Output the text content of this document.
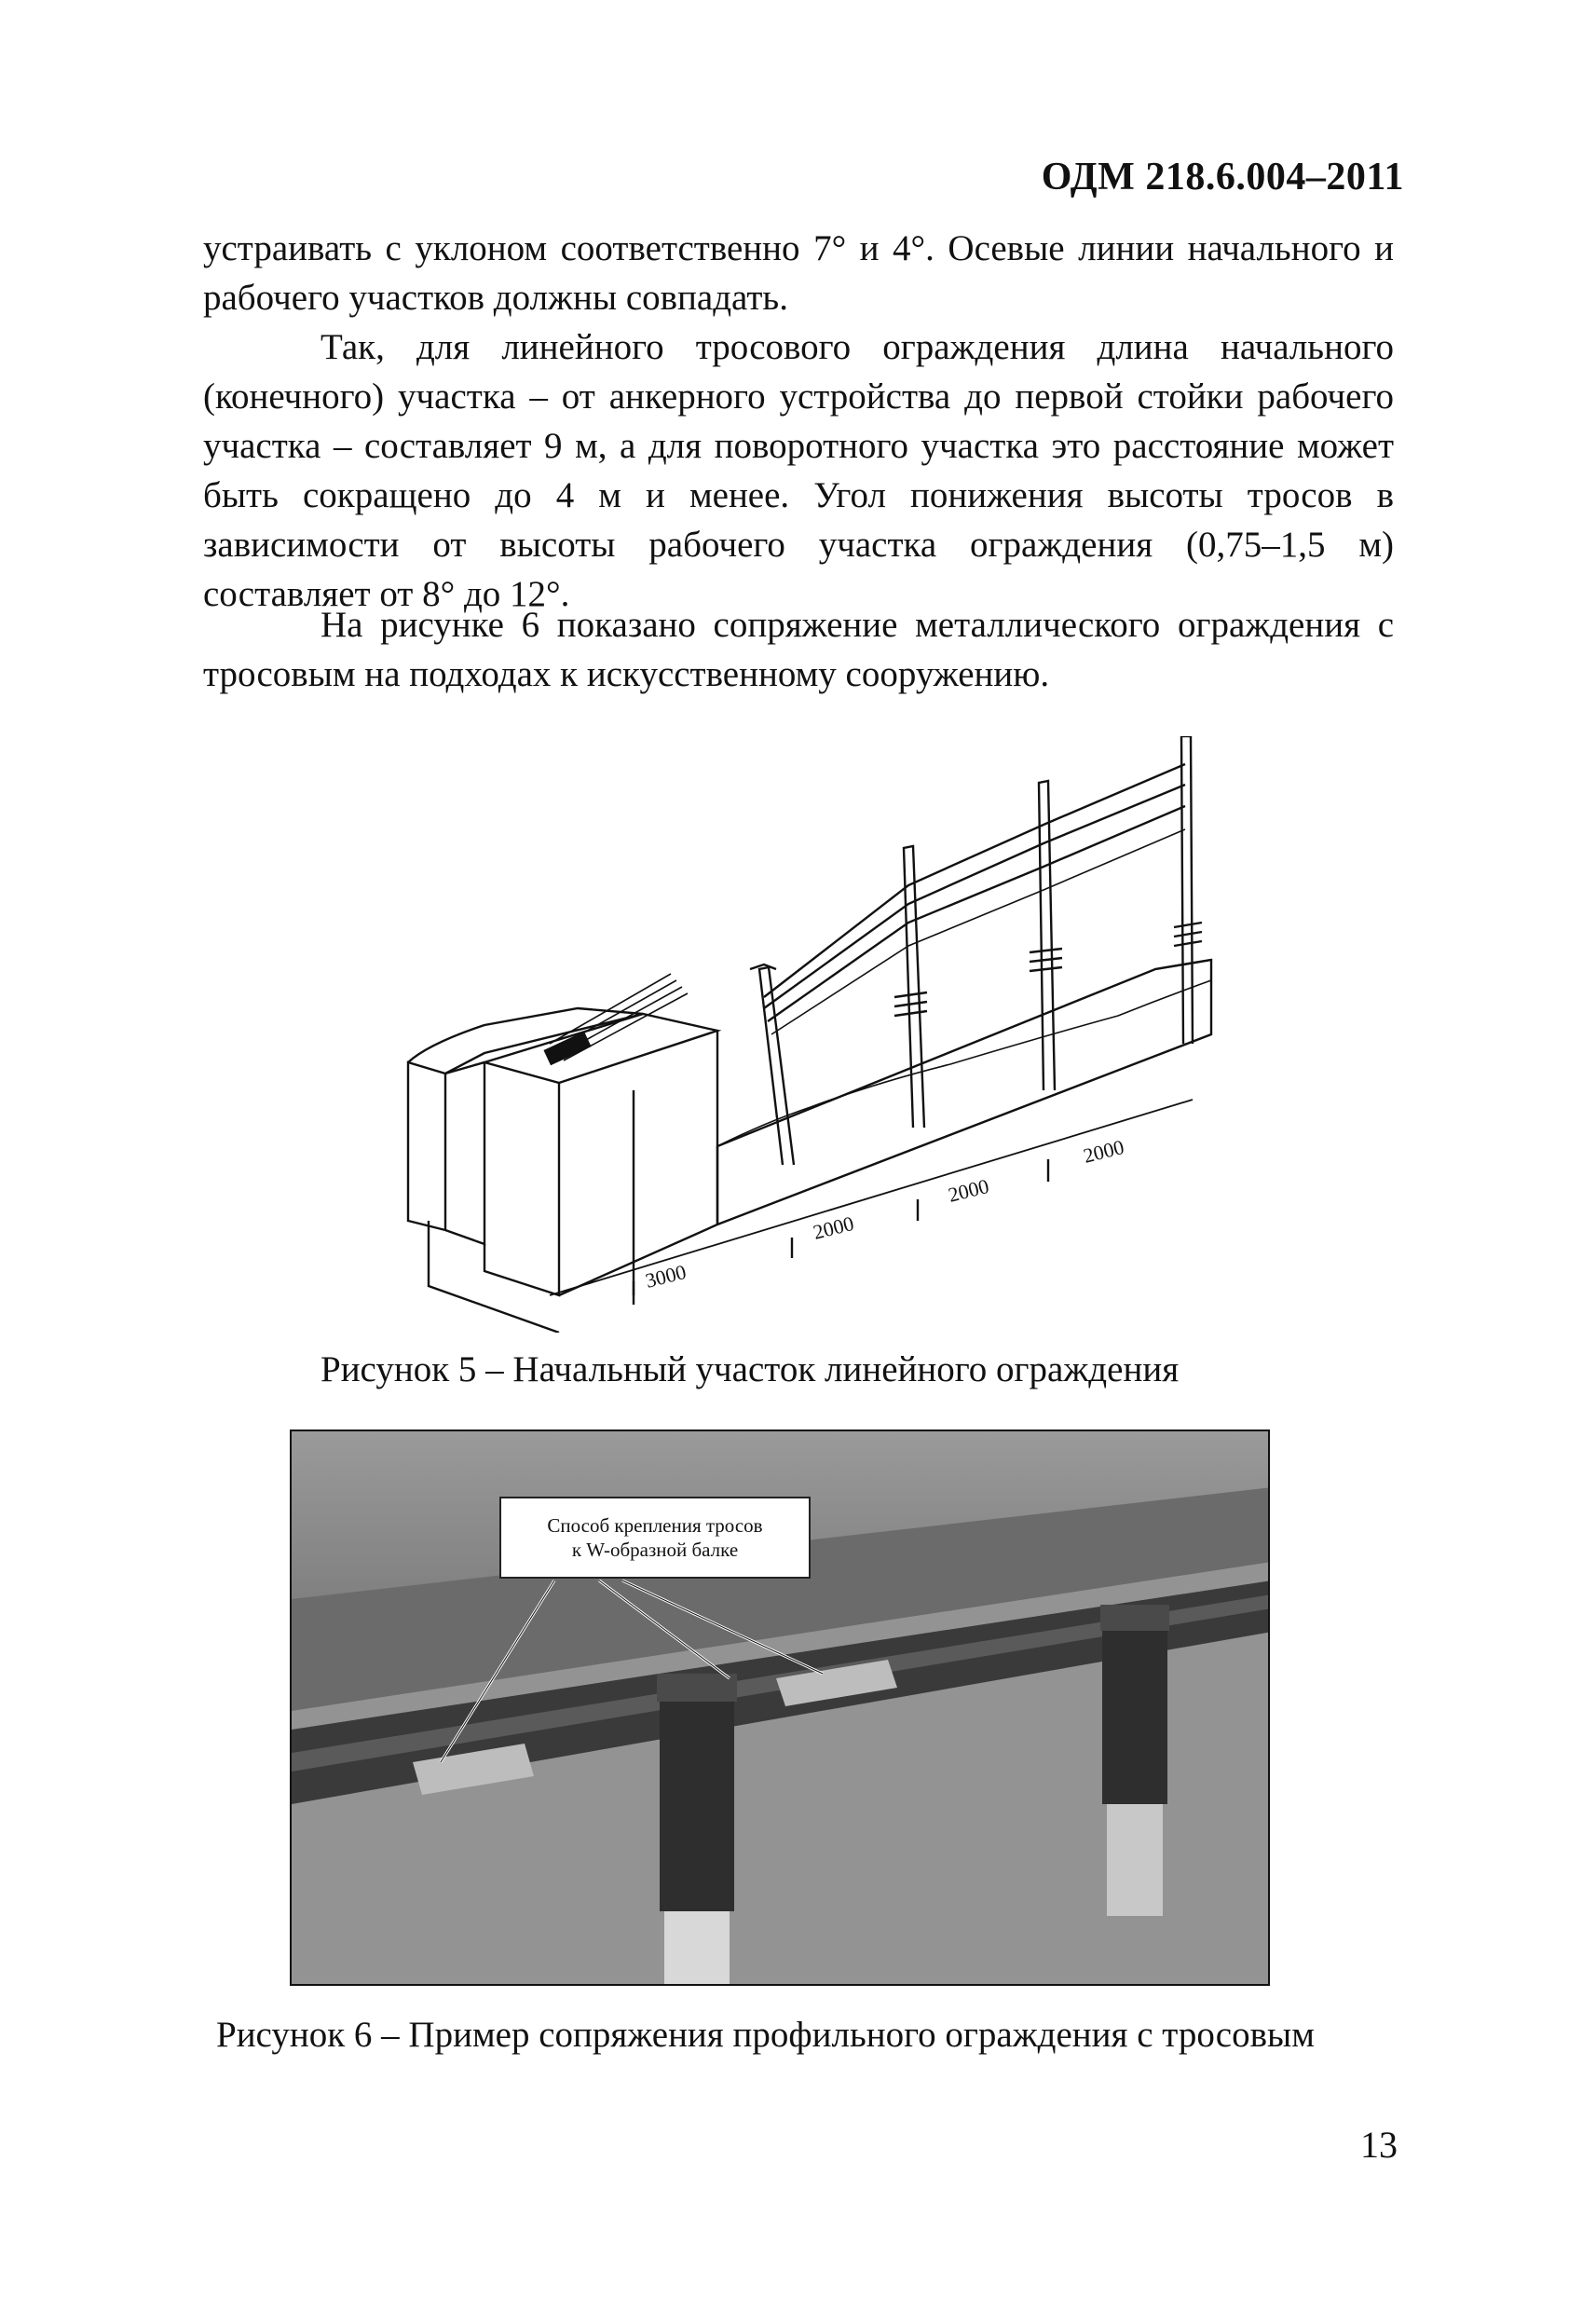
ОДМ 218.6.004–2011

устраивать с уклоном соответственно 7° и 4°. Осевые линии начального и рабочего участков должны совпадать.

Так, для линейного тросового ограждения длина начального (конечного) участка – от анкерного устройства до первой стойки рабочего участка – составляет 9 м, а для поворотного участка это расстояние может быть сокращено до 4 м и менее. Угол понижения высоты тросов в зависимости от высоты рабочего участка ограждения (0,75–1,5 м) составляет от 8° до 12°.

На рисунке 6 показано сопряжение металлического ограждения с тросовым на подходах к искусственному сооружению.

3000
2000
2000
2000
Рисунок 5 – Начальный участок линейного ограждения
Способ крепления тросов
к W-образной балке
Рисунок 6 – Пример сопряжения профильного ограждения с тросовым
13
